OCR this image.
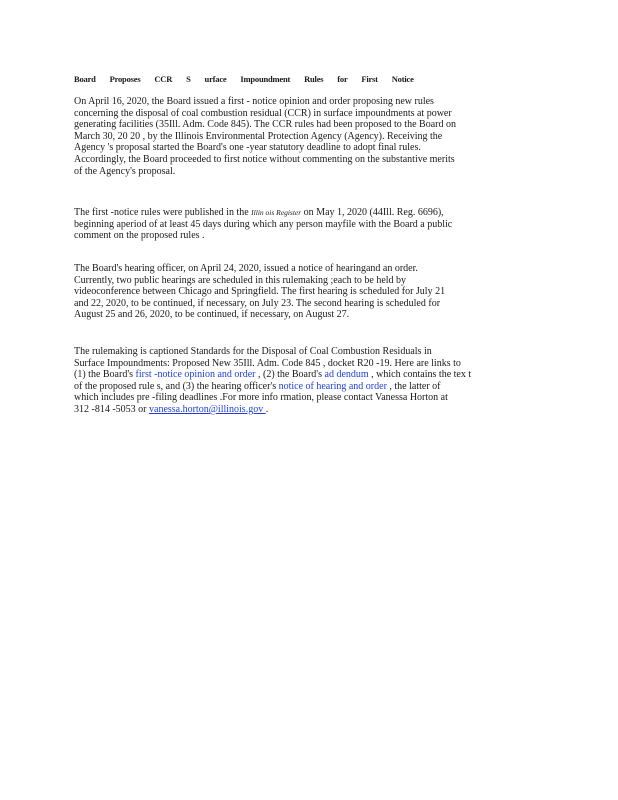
Board Proposes CCR S urface Impoundment Rules for First Notice
On April 16, 2020, the Board issued a first - notice opinion and order proposing new rules
concerning the disposal of coal combustion residual (CCR) in surface impoundments at power
generating facilities (35Ill. Adm. Code 845). The CCR rules had been proposed to the Board on
March 30, 20 20 , by the Illinois Environmental Protection Agency (Agency). Receiving the
Agency 's proposal started the Board's one -year statutory deadline to adopt final rules.
Accordingly, the Board proceeded to first notice without commenting on the substantive merits
of the Agency's proposal.
The first -notice rules were published in the Illin ois Register on May 1, 2020 (44Ill. Reg. 6696),
beginning aperiod of at least 45 days during which any person mayfile with the Board a public
comment on the proposed rules .
The Board's hearing officer, on April 24, 2020, issued a notice of hearingand an order.
Currently, two public hearings are scheduled in this rulemaking ;each to be held by
videoconference between Chicago and Springfield. The first hearing is scheduled for July 21
and 22, 2020, to be continued, if necessary, on July 23. The second hearing is scheduled for
August 25 and 26, 2020, to be continued, if necessary, on August 27.
The rulemaking is captioned Standards for the Disposal of Coal Combustion Residuals in
Surface Impoundments: Proposed New 35Ill. Adm. Code 845 , docket R20 -19. Here are links to
(1) the Board's first -notice opinion and order , (2) the Board's ad dendum , which contains the tex t
of the proposed rule s, and (3) the hearing officer's notice of hearing and order , the latter of
which includes pre -filing deadlines .For more info rmation, please contact Vanessa Horton at
312 -814 -5053 or vanessa.horton@illinois.gov .
